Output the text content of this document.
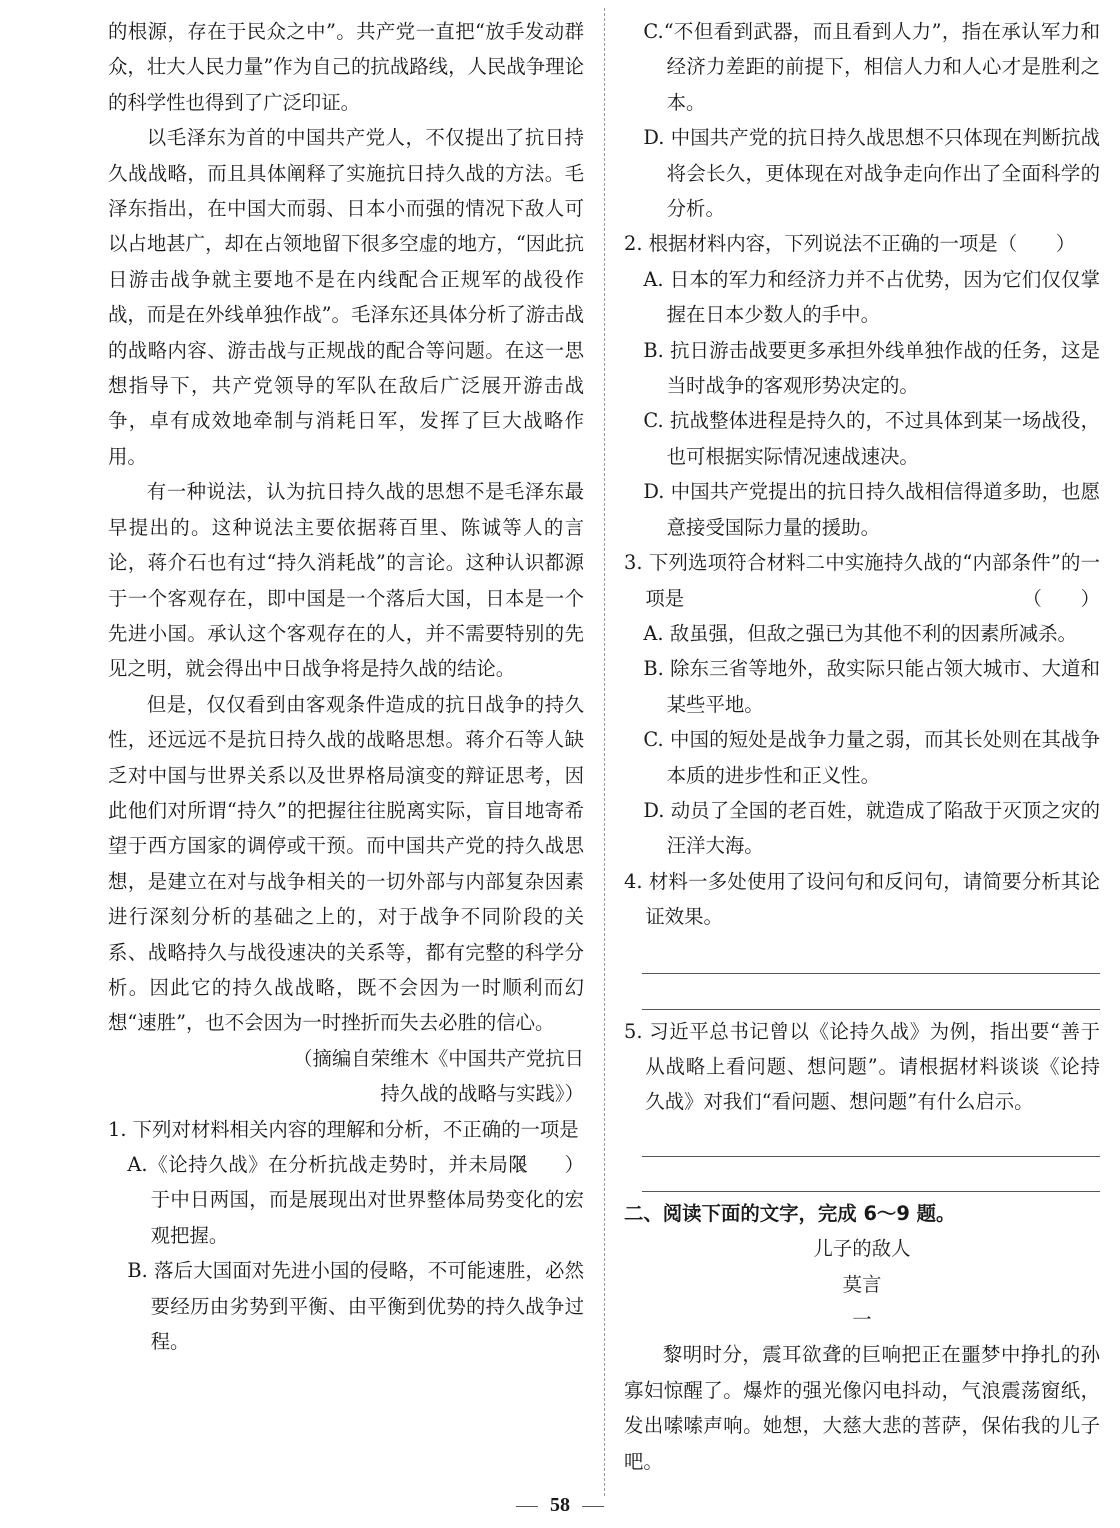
的根源，存在于民众之中”。共产党一直把“放手发动群众，壮大人民力量”作为自己的抗战路线，人民战争理论的科学性也得到了广泛印证。

以毛泽东为首的中国共产党人，不仅提出了抗日持久战战略，而且具体阐释了实施抗日持久战的方法。毛泽东指出，在中国大而弱、日本小而强的情况下敌人可以占地甚广，却在占领地留下很多空虚的地方，“因此抗日游击战争就主要地不是在内线配合正规军的战役作战，而是在外线单独作战”。毛泽东还具体分析了游击战的战略内容、游击战与正规战的配合等问题。在这一思想指导下，共产党领导的军队在敌后广泛展开游击战争，卓有成效地牵制与消耗日军，发挥了巨大战略作用。

有一种说法，认为抗日持久战的思想不是毛泽东最早提出的。这种说法主要依据蒋百里、陈诚等人的言论，蒋介石也有过“持久消耗战”的言论。这种认识都源于一个客观存在，即中国是一个落后大国，日本是一个先进小国。承认这个客观存在的人，并不需要特别的先见之明，就会得出中日战争将是持久战的结论。

但是，仅仅看到由客观条件造成的抗日战争的持久性，还远远不是抗日持久战的战略思想。蒋介石等人缺乏对中国与世界关系以及世界格局演变的辩证思考，因此他们对所谓“持久”的把握往往脱离实际，盲目地寄希望于西方国家的调停或干预。而中国共产党的持久战思想，是建立在对与战争相关的一切外部与内部复杂因素进行深刻分析的基础之上的，对于战争不同阶段的关系、战略持久与战役速决的关系等，都有完整的科学分析。因此它的持久战战略，既不会因为一时顺利而幻想“速胜”，也不会因为一时挫折而失去必胜的信心。

（摘编自荣维木《中国共产党抗日

持久战的战略与实践》）

1. 下列对材料相关内容的理解和分析，不正确的一项是
（　　）

A.《论持久战》在分析抗战走势时，并未局限于中日两国，而是展现出对世界整体局势变化的宏观把握。

B. 落后大国面对先进小国的侵略，不可能速胜，必然要经历由劣势到平衡、由平衡到优势的持久战争过程。

C.“不但看到武器，而且看到人力”，指在承认军力和经济力差距的前提下，相信人力和人心才是胜利之本。

D. 中国共产党的抗日持久战思想不只体现在判断抗战将会长久，更体现在对战争走向作出了全面科学的分析。

2. 根据材料内容，下列说法不正确的一项是（　　）

A. 日本的军力和经济力并不占优势，因为它们仅仅掌握在日本少数人的手中。

B. 抗日游击战要更多承担外线单独作战的任务，这是当时战争的客观形势决定的。

C. 抗战整体进程是持久的，不过具体到某一场战役，也可根据实际情况速战速决。

D. 中国共产党提出的抗日持久战相信得道多助，也愿意接受国际力量的援助。

3. 下列选项符合材料二中实施持久战的“内部条件”的一项是	（　　）

A. 敌虽强，但敌之强已为其他不利的因素所减杀。

B. 除东三省等地外，敌实际只能占领大城市、大道和某些平地。

C. 中国的短处是战争力量之弱，而其长处则在其战争本质的进步性和正义性。

D. 动员了全国的老百姓，就造成了陷敌于灭顶之灾的汪洋大海。

4. 材料一多处使用了设问句和反问句，请简要分析其论证效果。

5. 习近平总书记曾以《论持久战》为例，指出要“善于从战略上看问题、想问题”。请根据材料谈谈《论持久战》对我们“看问题、想问题”有什么启示。

二、阅读下面的文字，完成 6～9 题。

儿子的敌人

莫言

一

黎明时分，震耳欲聋的巨响把正在噩梦中挣扎的孙寡妇惊醒了。爆炸的强光像闪电抖动，气浪震荡窗纸，发出嗦嗦声响。她想，大慈大悲的菩萨，保佑我的儿子吧。

58
